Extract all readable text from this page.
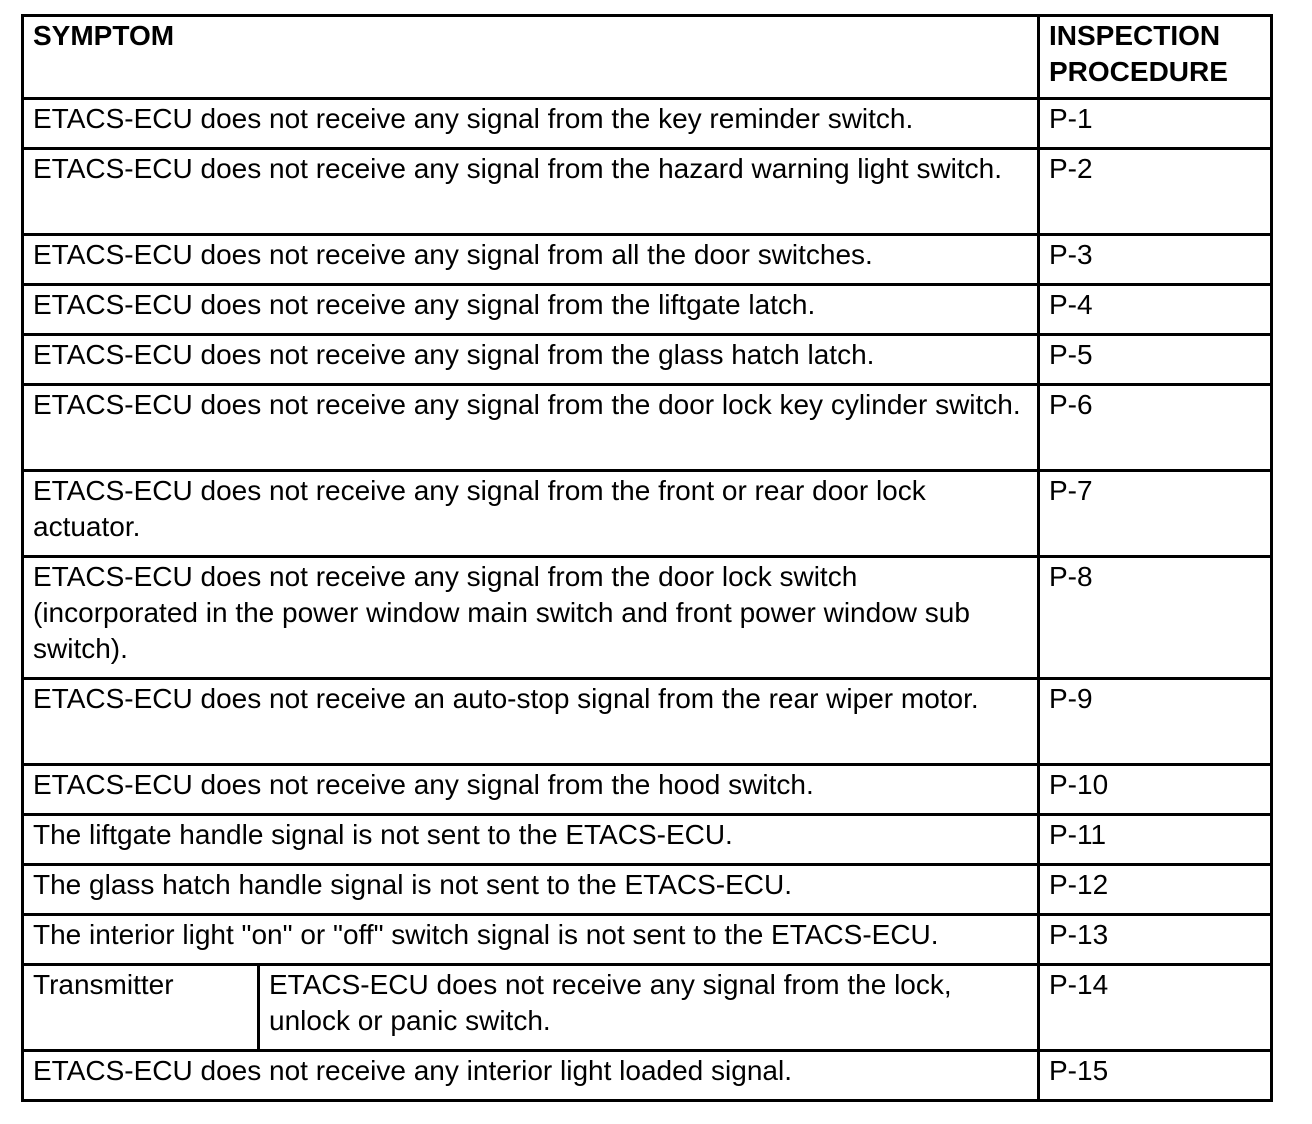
SYMPTOM		INSPECTION
PROCEDURE
ETACS-ECU does not receive any signal from the key reminder switch.		P-1
ETACS-ECU does not receive any signal from the hazard warning light switch.		P-2
ETACS-ECU does not receive any signal from all the door switches.		P-3
ETACS-ECU does not receive any signal from the liftgate latch.		P-4
ETACS-ECU does not receive any signal from the glass hatch latch.		P-5
ETACS-ECU does not receive any signal from the door lock key cylinder switch.		P-6
ETACS-ECU does not receive any signal from the front or rear door lock actuator.		P-7
ETACS-ECU does not receive any signal from the door lock switch (incorporated in the power window main switch and front power window sub switch).		P-8
ETACS-ECU does not receive an auto-stop signal from the rear wiper motor.		P-9
ETACS-ECU does not receive any signal from the hood switch.		P-10
The liftgate handle signal is not sent to the ETACS-ECU.		P-11
The glass hatch handle signal is not sent to the ETACS-ECU.		P-12
The interior light "on" or "off" switch signal is not sent to the ETACS-ECU.		P-13
Transmitter	ETACS-ECU does not receive any signal from the lock, unlock or panic switch.	P-14
ETACS-ECU does not receive any interior light loaded signal.		P-15
